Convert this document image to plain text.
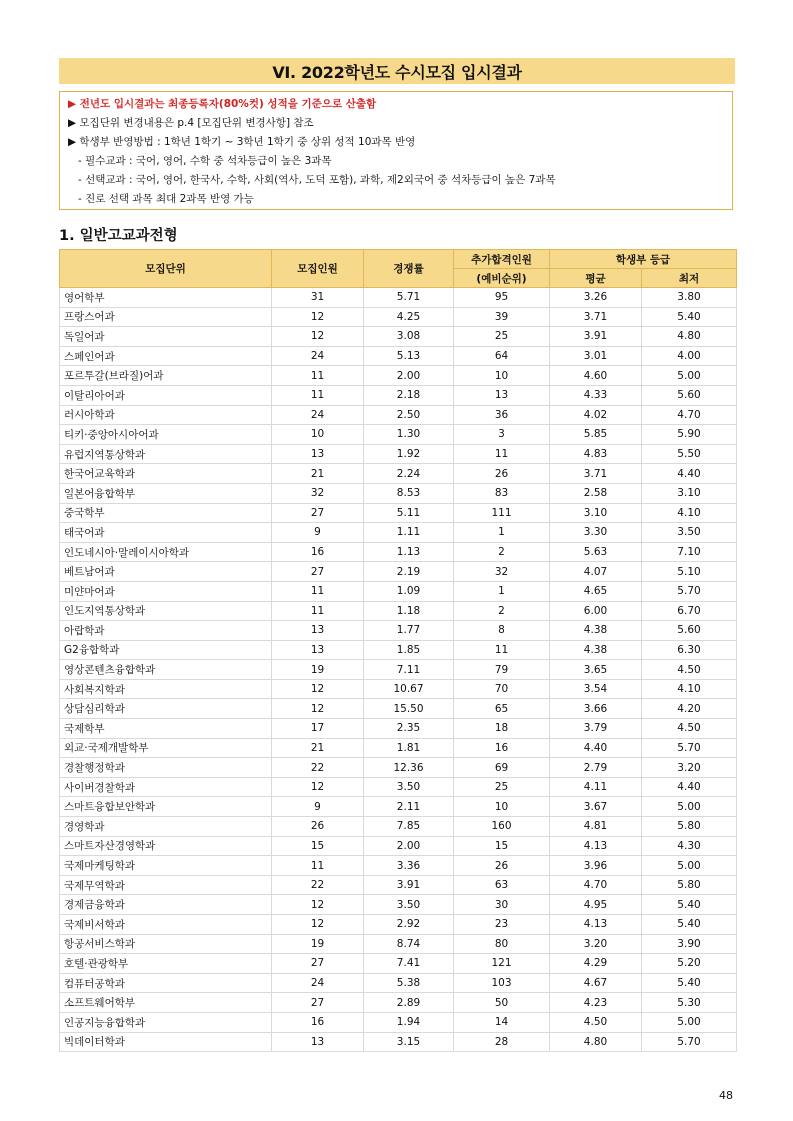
VI. 2022학년도 수시모집 입시결과
▶ 전년도 입시결과는 최종등록자(80%컷) 성적을 기준으로 산출함
▶ 모집단위 변경내용은 p.4 [모집단위 변경사항] 참조
▶ 학생부 반영방법 : 1학년 1학기 ~ 3학년 1학기 중 상위 성적 10과목 반영
- 필수교과 : 국어, 영어, 수학 중 석차등급이 높은 3과목
- 선택교과 : 국어, 영어, 한국사, 수학, 사회(역사, 도덕 포함), 과학, 제2외국어 중 석차등급이 높은 7과목
- 진로 선택 과목 최대 2과목 반영 가능
1. 일반고교과전형
모집단위	모집인원	경쟁률	추가합격인원	학생부 등급	
			(예비순위)	평균	최저
영어학부	31	5.71	95	3.26	3.80
프랑스어과	12	4.25	39	3.71	5.40
독일어과	12	3.08	25	3.91	4.80
스페인어과	24	5.13	64	3.01	4.00
포르투갈(브라질)어과	11	2.00	10	4.60	5.00
이탈리아어과	11	2.18	13	4.33	5.60
러시아학과	24	2.50	36	4.02	4.70
티키·중앙아시아어과	10	1.30	3	5.85	5.90
유럽지역통상학과	13	1.92	11	4.83	5.50
한국어교육학과	21	2.24	26	3.71	4.40
일본어융합학부	32	8.53	83	2.58	3.10
중국학부	27	5.11	111	3.10	4.10
태국어과	9	1.11	1	3.30	3.50
인도네시아·말레이시아학과	16	1.13	2	5.63	7.10
베트남어과	27	2.19	32	4.07	5.10
미얀마어과	11	1.09	1	4.65	5.70
인도지역통상학과	11	1.18	2	6.00	6.70
아랍학과	13	1.77	8	4.38	5.60
G2융합학과	13	1.85	11	4.38	6.30
영상콘텐츠융합학과	19	7.11	79	3.65	4.50
사회복지학과	12	10.67	70	3.54	4.10
상담심리학과	12	15.50	65	3.66	4.20
국제학부	17	2.35	18	3.79	4.50
외교·국제개발학부	21	1.81	16	4.40	5.70
경찰행정학과	22	12.36	69	2.79	3.20
사이버경찰학과	12	3.50	25	4.11	4.40
스마트융합보안학과	9	2.11	10	3.67	5.00
경영학과	26	7.85	160	4.81	5.80
스마트자산경영학과	15	2.00	15	4.13	4.30
국제마케팅학과	11	3.36	26	3.96	5.00
국제무역학과	22	3.91	63	4.70	5.80
경제금융학과	12	3.50	30	4.95	5.40
국제비서학과	12	2.92	23	4.13	5.40
항공서비스학과	19	8.74	80	3.20	3.90
호텔·관광학부	27	7.41	121	4.29	5.20
컴퓨터공학과	24	5.38	103	4.67	5.40
소프트웨어학부	27	2.89	50	4.23	5.30
인공지능융합학과	16	1.94	14	4.50	5.00
빅데이터학과	13	3.15	28	4.80	5.70
48
